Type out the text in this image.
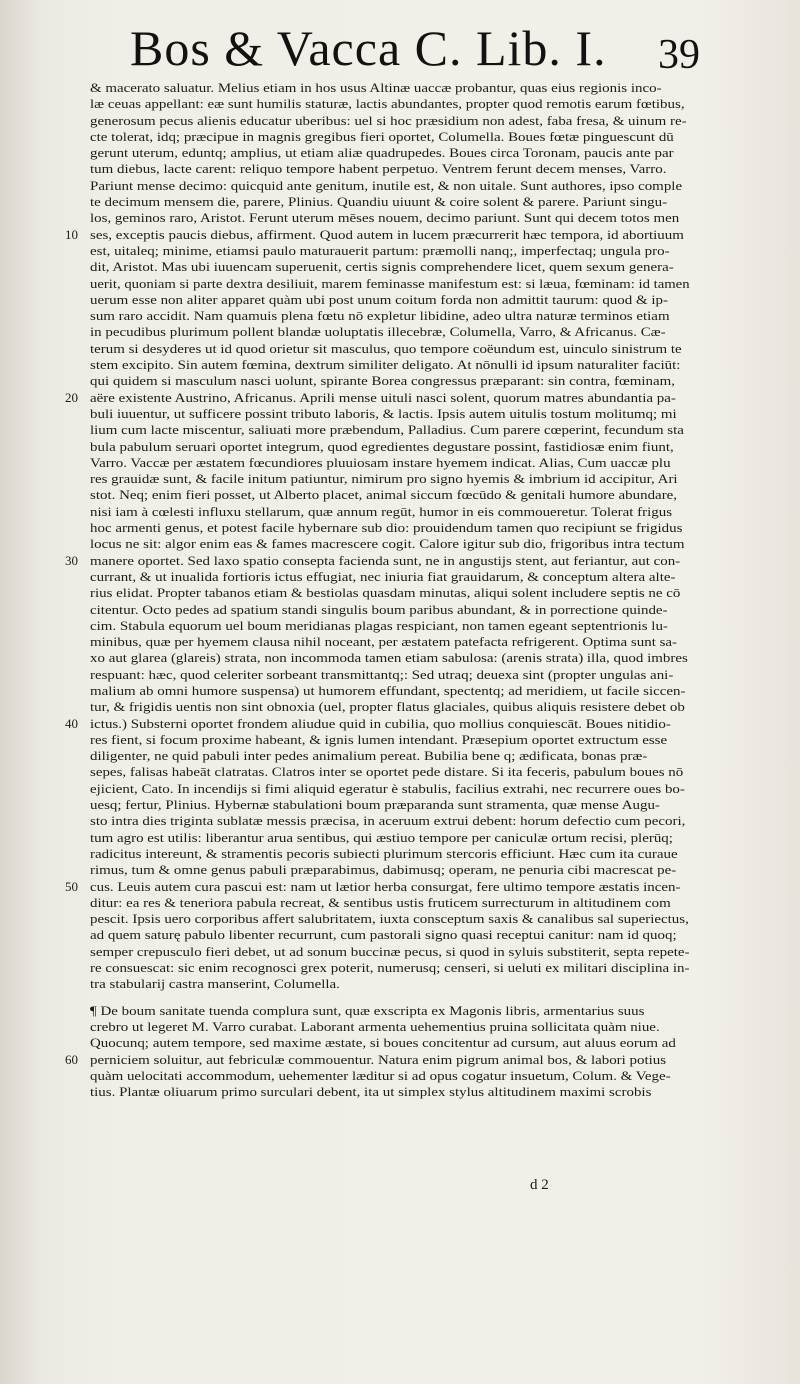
Bos & Vacca C. Lib. I. 39
& macerato saluatur. Melius etiam in hos usus Altinæ uaccæ probantur, quas eius regionis inco-
læ ceuas appellant: eæ sunt humilis staturæ, lactis abundantes, propter quod remotis earum fœtibus,
generosum pecus alienis educatur uberibus: uel si hoc præsidium non adest, faba fresa, & uinum re-
cte tolerat, idq; præcipue in magnis gregibus fieri oportet, Columella. Boues fœtæ pinguescunt dū
gerunt uterum, eduntq; amplius, ut etiam aliæ quadrupedes. Boues circa Toronam, paucis ante par
tum diebus, lacte carent: reliquo tempore habent perpetuo. Ventrem ferunt decem menses, Varro.
Pariunt mense decimo: quicquid ante genitum, inutile est, & non uitale. Sunt authores, ipso comple
te decimum mensem die, parere, Plinius. Quandiu uiuunt & coire solent & parere. Pariunt singu-
los, geminos raro, Aristot. Ferunt uterum mēses nouem, decimo pariunt. Sunt qui decem totos men
10 ses, exceptis paucis diebus, affirment. Quod autem in lucem præcurrerit hæc tempora, id abortiuum
est, uitaleq; minime, etiamsi paulo maturauerit partum: præmolli nanq;, imperfectaq; ungula pro-
dit, Aristot. Mas ubi iuuencam superuenit, certis signis comprehendere licet, quem sexum genera-
uerit, quoniam si parte dextra desiliuit, marem feminasse manifestum est: si læua, fœminam: id tamen
uerum esse non aliter apparet quàm ubi post unum coitum forda non admittit taurum: quod & ip-
sum raro accidit. Nam quamuis plena fœtu nō expletur libidine, adeo ultra naturæ terminos etiam
in pecudibus plurimum pollent blandæ uoluptatis illecebræ, Columella, Varro, & Africanus. Cæ-
terum si desyderes ut id quod orietur sit masculus, quo tempore coëundum est, uinculo sinistrum te
stem excipito. Sin autem fœmina, dextrum similiter deligato. At nōnulli id ipsum naturaliter faciūt:
qui quidem si masculum nasci uolunt, spirante Borea congressus præparant: sin contra, fœminam,
20 aëre existente Austrino, Africanus. Aprili mense uituli nasci solent, quorum matres abundantia pa-
buli iuuentur, ut sufficere possint tributo laboris, & lactis. Ipsis autem uitulis tostum molitumq; mi
lium cum lacte miscentur, saliuati more præbendum, Palladius. Cum parere cœperint, fecundum sta
bula pabulum seruari oportet integrum, quod egredientes degustare possint, fastidiosæ enim fiunt,
Varro. Vaccæ per æstatem fœcundiores pluuiosam instare hyemem indicat. Alias, Cum uaccæ plu
res grauidæ sunt, & facile initum patiuntur, nimirum pro signo hyemis & imbrium id accipitur, Ari
stot. Neq; enim fieri posset, ut Alberto placet, animal siccum fœcūdo & genitali humore abundare,
nisi iam à cœlesti influxu stellarum, quæ annum regūt, humor in eis commoueretur. Tolerat frigus
hoc armenti genus, et potest facile hybernare sub dio: prouidendum tamen quo recipiunt se frigidus
locus ne sit: algor enim eas & fames macrescere cogit. Calore igitur sub dio, frigoribus intra tectum
30 manere oportet. Sed laxo spatio consepta facienda sunt, ne in angustijs stent, aut feriantur, aut con-
currant, & ut inualida fortioris ictus effugiat, nec iniuria fiat grauidarum, & conceptum altera alte-
rius elidat. Propter tabanos etiam & bestiolas quasdam minutas, aliqui solent includere septis ne cō
citentur. Octo pedes ad spatium standi singulis boum paribus abundant, & in porrectione quinde-
cim. Stabula equorum uel boum meridianas plagas respiciant, non tamen egeant septentrionis lu-
minibus, quæ per hyemem clausa nihil noceant, per æstatem patefacta refrigerent. Optima sunt sa-
xo aut glarea (glareis) strata, non incommoda tamen etiam sabulosa: (arenis strata) illa, quod imbres
respuant: hæc, quod celeriter sorbeant transmittantq;: Sed utraq; deuexa sint (propter ungulas ani-
malium ab omni humore suspensa) ut humorem effundant, spectentq; ad meridiem, ut facile siccen-
tur, & frigidis uentis non sint obnoxia (uel, propter flatus glaciales, quibus aliquis resistere debet ob
40 ictus.) Substerni oportet frondem aliudue quid in cubilia, quo mollius conquiescāt. Boues nitidio-
res fient, si focum proxime habeant, & ignis lumen intendant. Præsepium oportet extructum esse
diligenter, ne quid pabuli inter pedes animalium pereat. Bubilia bene q; ædificata, bonas præ-
sepes, falisas habeāt clatratas. Clatros inter se oportet pede distare. Si ita feceris, pabulum boues nō
ejicient, Cato. In incendijs si fimi aliquid egeratur è stabulis, facilius extrahi, nec recurrere oues bo-
uesq; fertur, Plinius. Hybernæ stabulationi boum præparanda sunt stramenta, quæ mense Augu-
sto intra dies triginta sublatæ messis præcisa, in aceruum extrui debent: horum defectio cum pecori,
tum agro est utilis: liberantur arua sentibus, qui æstiuo tempore per caniculæ ortum recisi, plerūq;
radicitus intereunt, & stramentis pecoris subiecti plurimum stercoris efficiunt. Hæc cum ita curaue
rimus, tum & omne genus pabuli præparabimus, dabimusq; operam, ne penuria cibi macrescat pe-
50 cus. Leuis autem cura pascui est: nam ut lætior herba consurgat, fere ultimo tempore æstatis incen-
ditur: ea res & teneriora pabula recreat, & sentibus ustis fruticem surrecturum in altitudinem com
pescit. Ipsis uero corporibus affert salubritatem, iuxta consceptum saxis & canalibus sal superiectus,
ad quem saturę pabulo libenter recurrunt, cum pastorali signo quasi receptui canitur: nam id quoq;
semper crepusculo fieri debet, ut ad sonum buccinæ pecus, si quod in syluis substiterit, septa repete-
re consuescat: sic enim recognosci grex poterit, numerusq; censeri, si ueluti ex militari disciplina in-
tra stabularij castra manserint, Columella.
¶ De boum sanitate tuenda complura sunt, quæ exscripta ex Magonis libris, armentarius suus
crebro ut legeret M. Varro curabat. Laborant armenta uehementius pruina sollicitata quàm niue.
Quocunq; autem tempore, sed maxime æstate, si boues concitentur ad cursum, aut aluus eorum ad
60 perniciem soluitur, aut febriculæ commouentur. Natura enim pigrum animal bos, & labori potius
quàm uelocitati accommodum, uehementer læditur si ad opus cogatur insuetum, Colum. & Vege-
tius. Plantæ oliuarum primo surculari debent, ita ut simplex stylus altitudinem maximi scrobis
d 2
